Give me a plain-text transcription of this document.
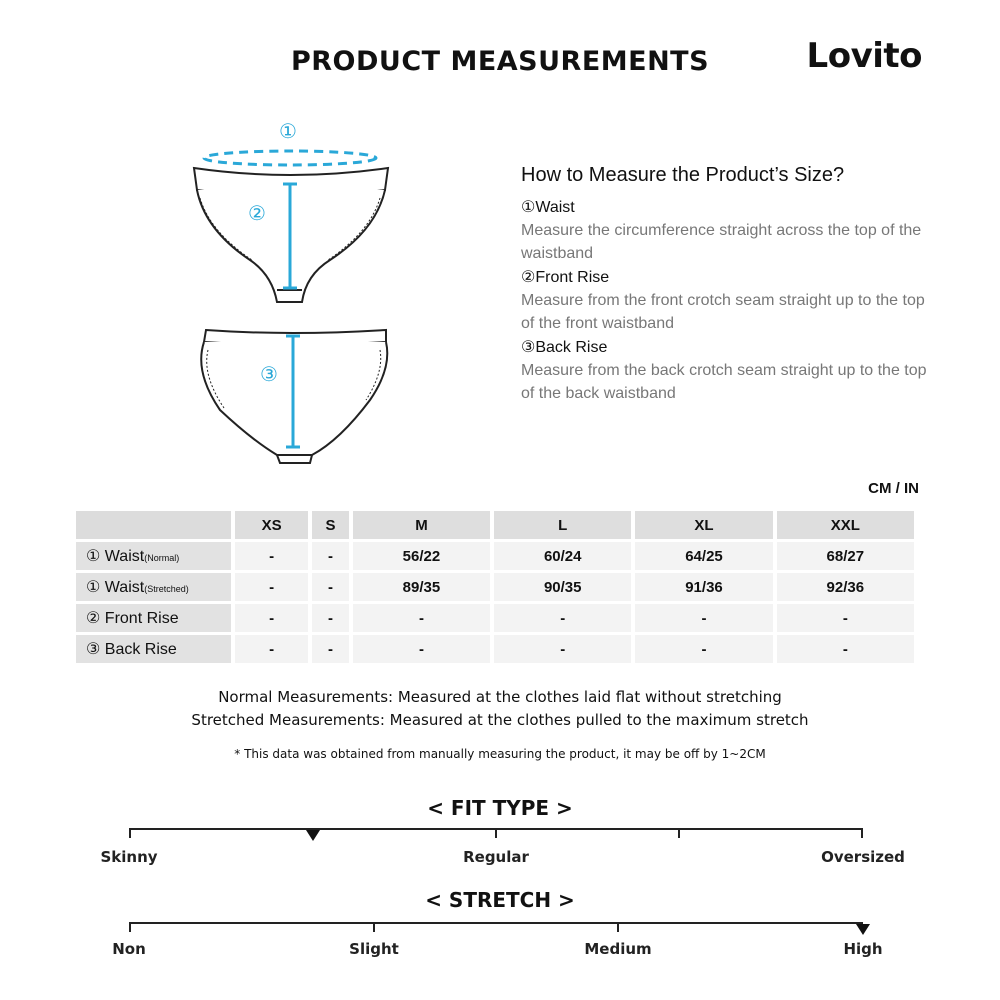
PRODUCT MEASUREMENTS	Lovito
①
②
③
How to Measure the Product’s Size?

①Waist

Measure the circumference straight across the top of the waistband

②Front Rise

Measure from the front crotch seam straight up to the top of the front waistband

③Back Rise

Measure from the back crotch seam straight up to the top of the back waistband

CM / IN
	XS	S	M	L	XL	XXL
① Waist(Normal)	-	-	56/22	60/24	64/25	68/27
① Waist(Stretched)	-	-	89/35	90/35	91/36	92/36
② Front Rise	-	-	-	-	-	-
③ Back Rise	-	-	-	-	-	-
Normal Measurements: Measured at the clothes laid flat without stretching
Stretched Measurements: Measured at the clothes pulled to the maximum stretch
* This data was obtained from manually measuring the product, it may be off by 1~2CM
< FIT TYPE >
Skinny	Regular	Oversized
< STRETCH >
Non	Slight	Medium	High
